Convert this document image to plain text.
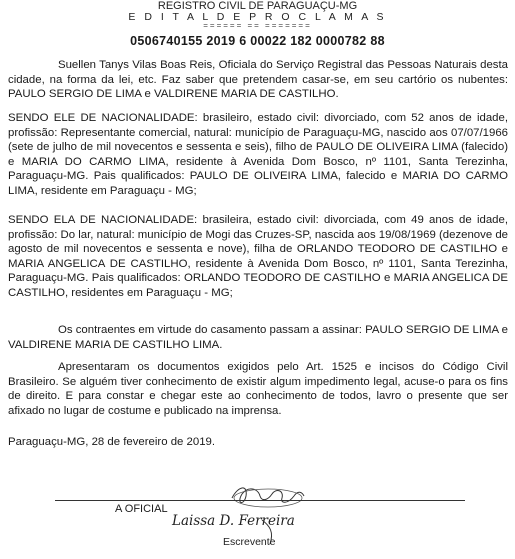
REGISTRO CIVIL DE PARAGUAÇU-MG
E D I T A L D E P R O C L A M A S
====== == =======
0506740155 2019 6 00022 182 0000782 88

Suellen Tanys Vilas Boas Reis, Oficiala do Serviço Registral das Pessoas Naturais desta cidade, na forma da lei, etc. Faz saber que pretendem casar-se, em seu cartório os nubentes: PAULO SERGIO DE LIMA e VALDIRENE MARIA DE CASTILHO.

SENDO ELE DE NACIONALIDADE: brasileiro, estado civil: divorciado, com 52 anos de idade, profissão: Representante comercial, natural: município de Paraguaçu-MG, nascido aos 07/07/1966 (sete de julho de mil novecentos e sessenta e seis), filho de PAULO DE OLIVEIRA LIMA (falecido) e MARIA DO CARMO LIMA, residente à Avenida Dom Bosco, nº 1101, Santa Terezinha, Paraguaçu-MG. Pais qualificados: PAULO DE OLIVEIRA LIMA, falecido e MARIA DO CARMO LIMA, residente em Paraguaçu - MG;

SENDO ELA DE NACIONALIDADE: brasileira, estado civil: divorciada, com 49 anos de idade, profissão: Do lar, natural: município de Mogi das Cruzes-SP, nascida aos 19/08/1969 (dezenove de agosto de mil novecentos e sessenta e nove), filha de ORLANDO TEODORO DE CASTILHO e MARIA ANGELICA DE CASTILHO, residente à Avenida Dom Bosco, nº 1101, Santa Terezinha, Paraguaçu-MG. Pais qualificados: ORLANDO TEODORO DE CASTILHO e MARIA ANGELICA DE CASTILHO, residentes em Paraguaçu - MG;

Os contraentes em virtude do casamento passam a assinar: PAULO SERGIO DE LIMA e VALDIRENE MARIA DE CASTILHO LIMA.

Apresentaram os documentos exigidos pelo Art. 1525 e incisos do Código Civil Brasileiro. Se alguém tiver conhecimento de existir algum impedimento legal, acuse-o para os fins de direito. E para constar e chegar este ao conhecimento de todos, lavro o presente que ser afixado no lugar de costume e publicado na imprensa.

Paraguaçu-MG, 28 de fevereiro de 2019.
A OFICIAL
Laissa D. Ferreira
Escrevente
